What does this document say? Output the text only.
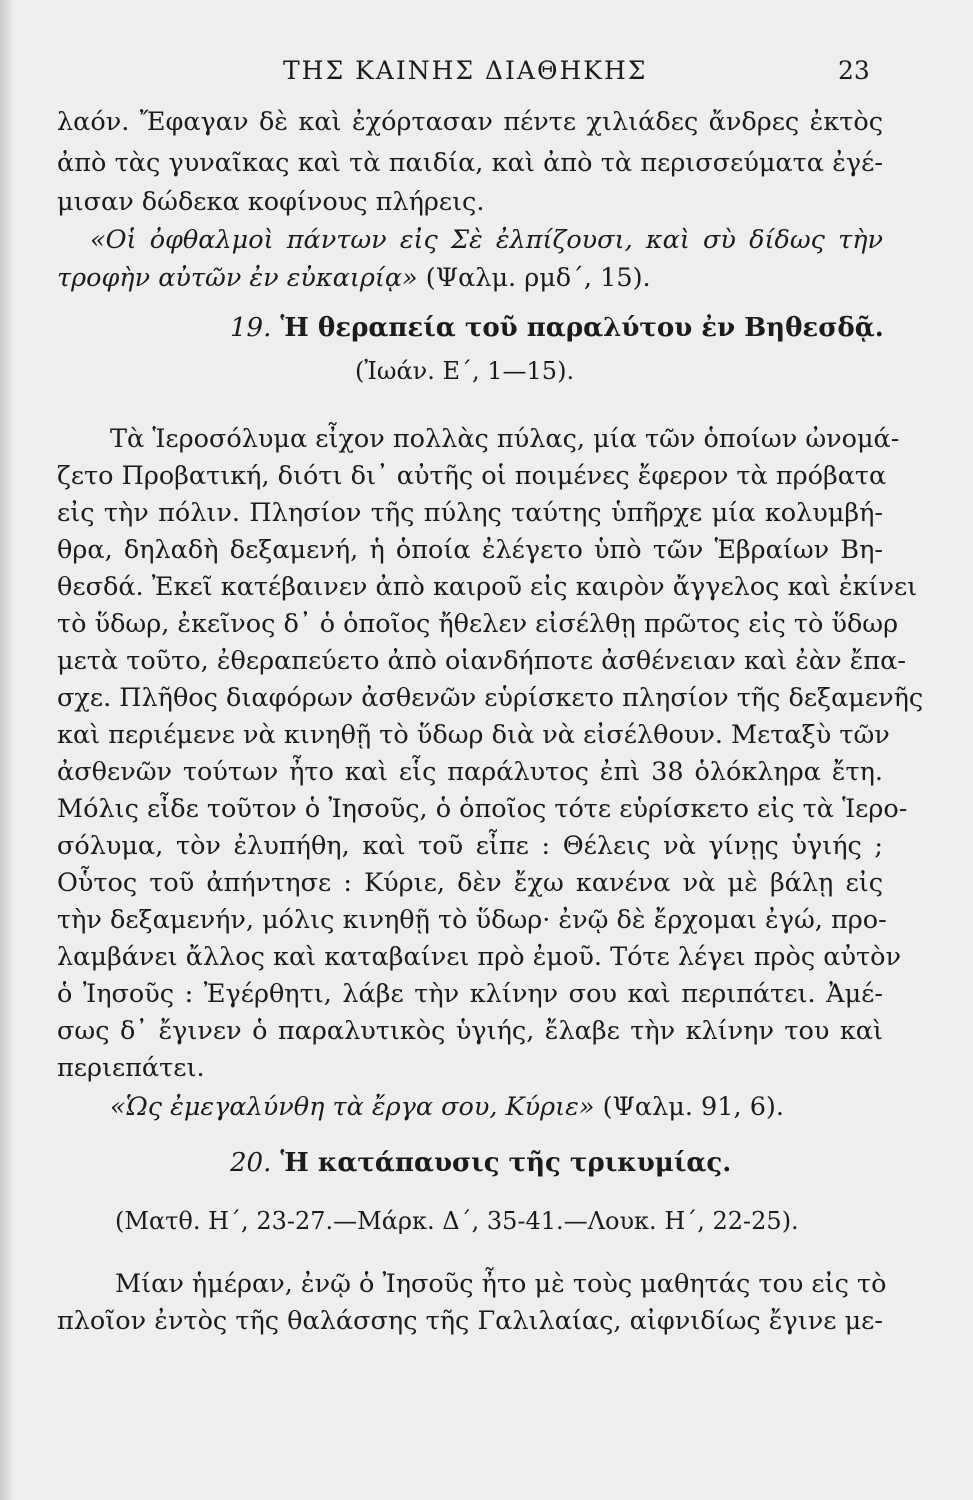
ΤΗΣ ΚΑΙΝΗΣ ΔΙΑΘΗΚΗΣ	23
λαόν. Ἔφαγαν δὲ καὶ ἐχόρτασαν πέντε χιλιάδες ἄνδρες ἐκτὸς
ἀπὸ τὰς γυναῖκας καὶ τὰ παιδία, καὶ ἀπὸ τὰ περισσεύματα ἐγέ-
μισαν δώδεκα κοφίνους πλήρεις.
«Οἱ ὀφθαλμοὶ πάντων εἰς Σὲ ἐλπίζουσι, καὶ σὺ δίδως τὴν
τροφὴν αὐτῶν ἐν εὐκαιρίᾳ» (Ψαλμ. ρμδ΄, 15).
19. Ἡ θεραπεία τοῦ παραλύτου ἐν Βηθεσδᾷ.
(Ἰωάν. Ε΄, 1—15).
Τὰ Ἱεροσόλυμα εἶχον πολλὰς πύλας, μία τῶν ὁποίων ὠνομά-
ζετο Προβατική, διότι δι᾽ αὐτῆς οἱ ποιμένες ἔφερον τὰ πρόβατα
εἰς τὴν πόλιν. Πλησίον τῆς πύλης ταύτης ὑπῆρχε μία κολυμβή-
θρα, δηλαδὴ δεξαμενή, ἡ ὁποία ἐλέγετο ὑπὸ τῶν Ἑβραίων Βη-
θεσδά. Ἐκεῖ κατέβαινεν ἀπὸ καιροῦ εἰς καιρὸν ἄγγελος καὶ ἐκίνει
τὸ ὕδωρ, ἐκεῖνος δ᾽ ὁ ὁποῖος ἤθελεν εἰσέλθῃ πρῶτος εἰς τὸ ὕδωρ
μετὰ τοῦτο, ἐθεραπεύετο ἀπὸ οἱανδήποτε ἀσθένειαν καὶ ἐὰν ἔπα-
σχε. Πλῆθος διαφόρων ἀσθενῶν εὑρίσκετο πλησίον τῆς δεξαμενῆς
καὶ περιέμενε νὰ κινηθῇ τὸ ὕδωρ διὰ νὰ εἰσέλθουν. Μεταξὺ τῶν
ἀσθενῶν τούτων ἦτο καὶ εἷς παράλυτος ἐπὶ 38 ὁλόκληρα ἔτη.
Μόλις εἶδε τοῦτον ὁ Ἰησοῦς, ὁ ὁποῖος τότε εὑρίσκετο εἰς τὰ Ἱερο-
σόλυμα, τὸν ἐλυπήθη, καὶ τοῦ εἶπε : Θέλεις νὰ γίνῃς ὑγιής ;
Οὗτος τοῦ ἀπήντησε : Κύριε, δὲν ἔχω κανένα νὰ μὲ βάλῃ εἰς
τὴν δεξαμενήν, μόλις κινηθῇ τὸ ὕδωρ· ἐνῷ δὲ ἔρχομαι ἐγώ, προ-
λαμβάνει ἄλλος καὶ καταβαίνει πρὸ ἐμοῦ. Τότε λέγει πρὸς αὐτὸν
ὁ Ἰησοῦς : Ἐγέρθητι, λάβε τὴν κλίνην σου καὶ περιπάτει. Ἀμέ-
σως δ᾽ ἔγινεν ὁ παραλυτικὸς ὑγιής, ἔλαβε τὴν κλίνην του καὶ
περιεπάτει.
«Ὡς ἐμεγαλύνθη τὰ ἔργα σου, Κύριε» (Ψαλμ. 91, 6).
20. Ἡ κατάπαυσις τῆς τρικυμίας.
(Ματθ. Η΄, 23-27.—Μάρκ. Δ΄, 35-41.—Λουκ. Η΄, 22-25).
Μίαν ἡμέραν, ἐνῷ ὁ Ἰησοῦς ἦτο μὲ τοὺς μαθητάς του εἰς τὸ
πλοῖον ἐντὸς τῆς θαλάσσης τῆς Γαλιλαίας, αἰφνιδίως ἔγινε με-
